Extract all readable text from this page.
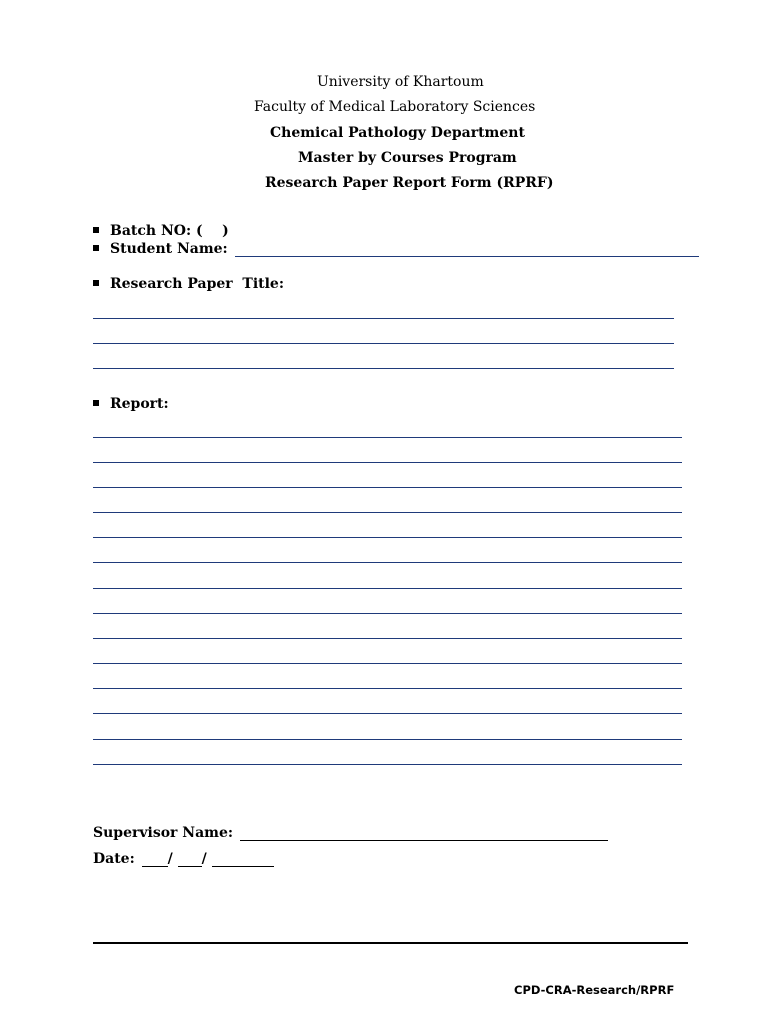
University of Khartoum
Faculty of Medical Laboratory Sciences
Chemical Pathology Department
Master by Courses Program
Research Paper Report Form (RPRF)
Batch NO: (    )
Student Name:
Research Paper  Title:
Report:
Supervisor Name:
Date: / /
CPD-CRA-Research/RPRF
